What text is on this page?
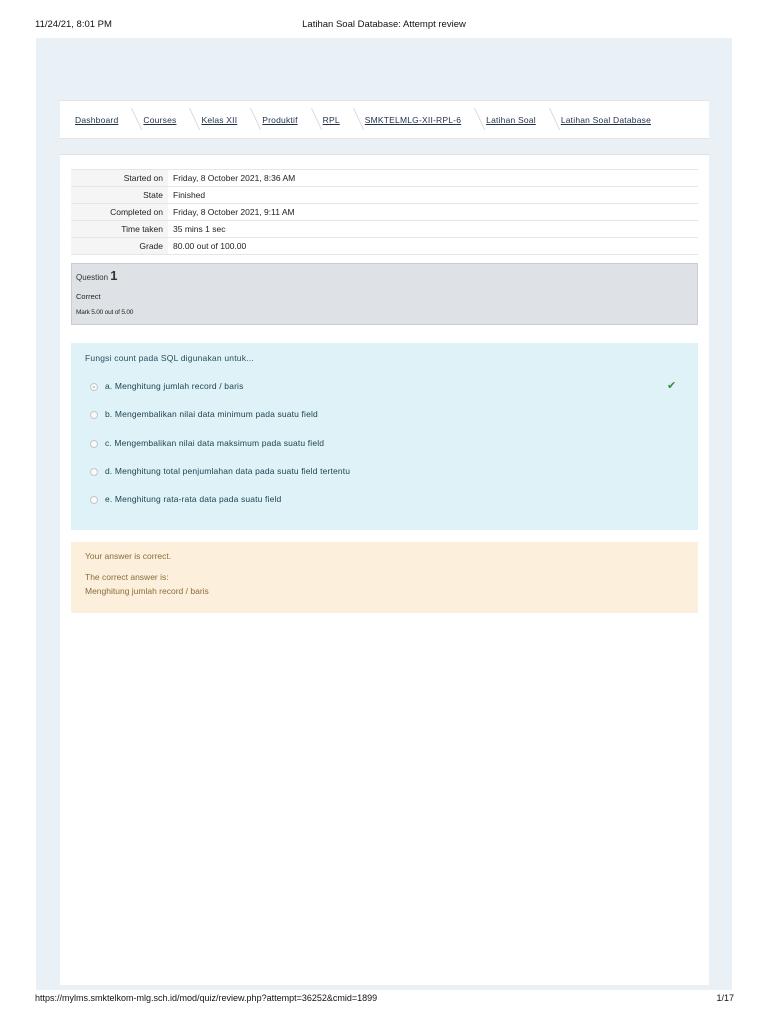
11/24/21, 8:01 PM	Latihan Soal Database: Attempt review
Dashboard	Courses	Kelas XII	Produktif	RPL	SMKTELMLG-XII-RPL-6	Latihan Soal	Latihan Soal Database
Started on	Friday, 8 October 2021, 8:36 AM
State	Finished
Completed on	Friday, 8 October 2021, 9:11 AM
Time taken	35 mins 1 sec
Grade	80.00 out of 100.00
Question 1
Correct
Mark 5.00 out of 5.00
Fungsi count pada SQL digunakan untuk...
a. Menghitung jumlah record / baris	✔
b. Mengembalikan nilai data minimum pada suatu field
c. Mengembalikan nilai data maksimum pada suatu field
d. Menghitung total penjumlahan data pada suatu field tertentu
e. Menghitung rata-rata data pada suatu field
Your answer is correct.
The correct answer is:
Menghitung jumlah record / baris
https://mylms.smktelkom-mlg.sch.id/mod/quiz/review.php?attempt=36252&cmid=1899	1/17
